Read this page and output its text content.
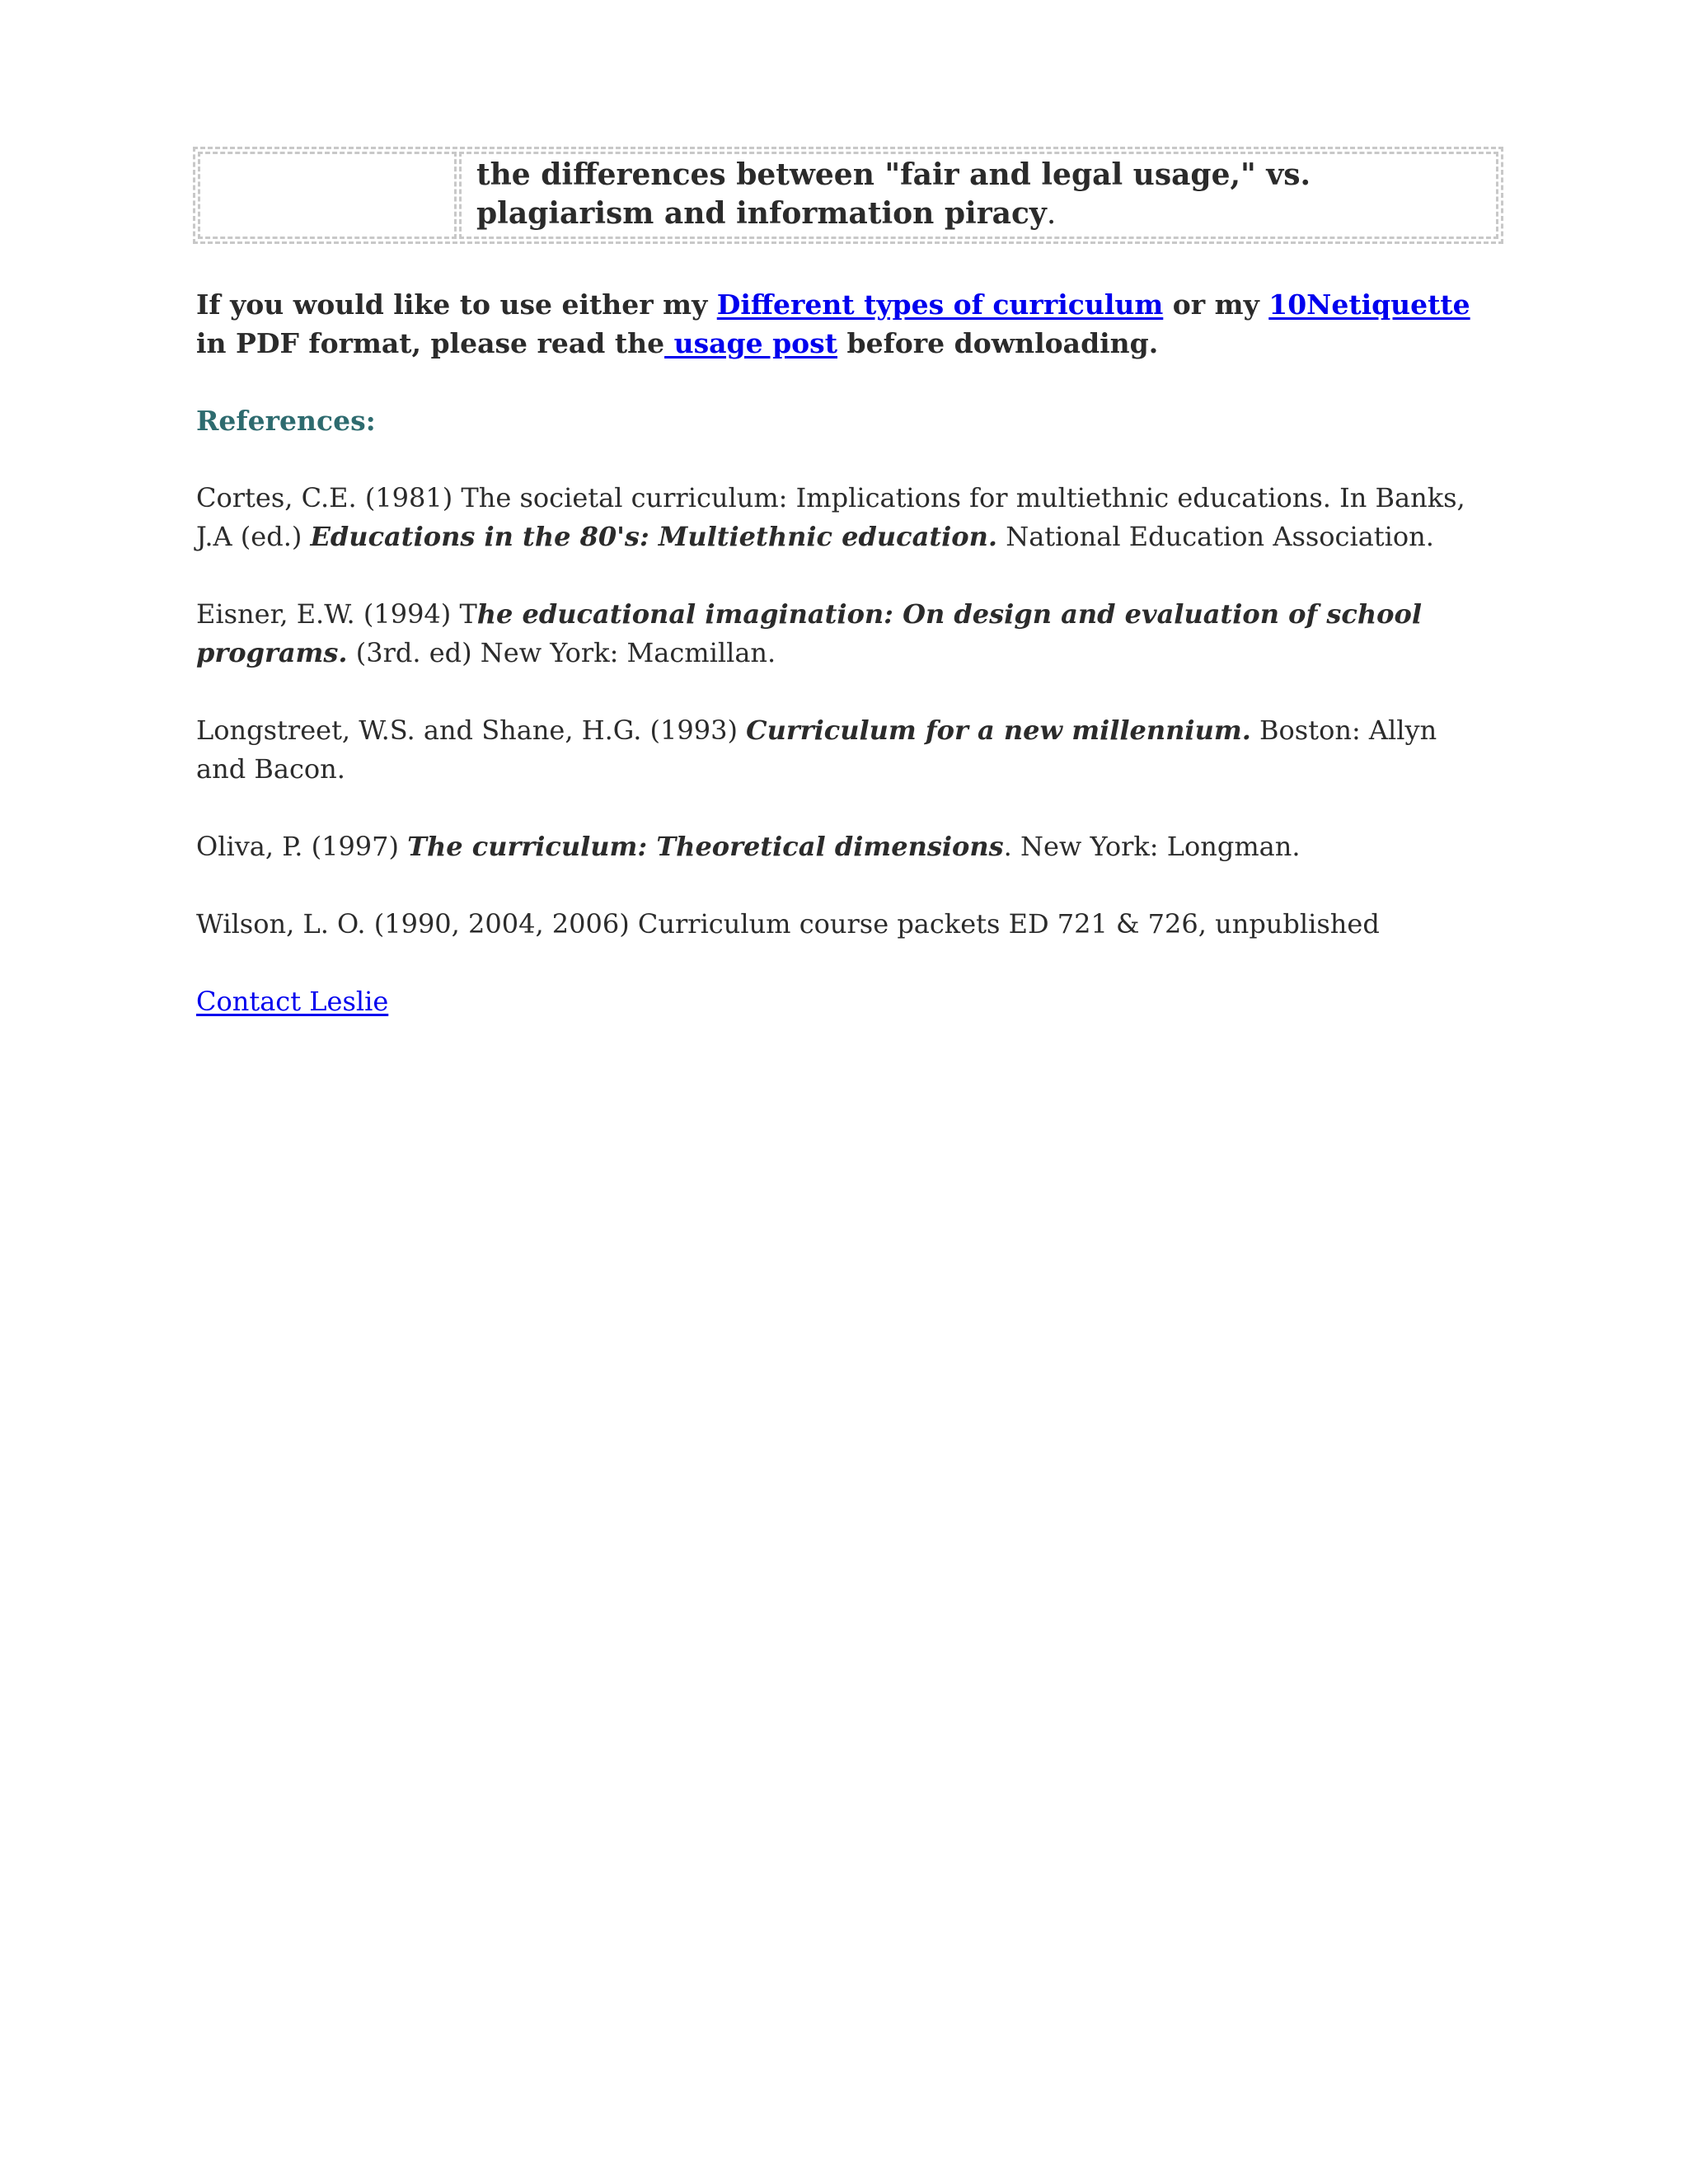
	the differences between "fair and legal usage," vs. plagiarism and information piracy.

If you would like to use either my Different types of curriculum or my 10Netiquette in PDF format, please read the usage post before downloading.

References:

Cortes, C.E. (1981) The societal curriculum: Implications for multiethnic educations. In Banks, J.A (ed.) Educations in the 80's: Multiethnic education. National Education Association.

Eisner, E.W. (1994) The educational imagination: On design and evaluation of school programs. (3rd. ed) New York: Macmillan.

Longstreet, W.S. and Shane, H.G. (1993) Curriculum for a new millennium. Boston: Allyn and Bacon.

Oliva, P. (1997) The curriculum: Theoretical dimensions. New York: Longman.

Wilson, L. O. (1990, 2004, 2006) Curriculum course packets ED 721 & 726, unpublished

Contact Leslie
